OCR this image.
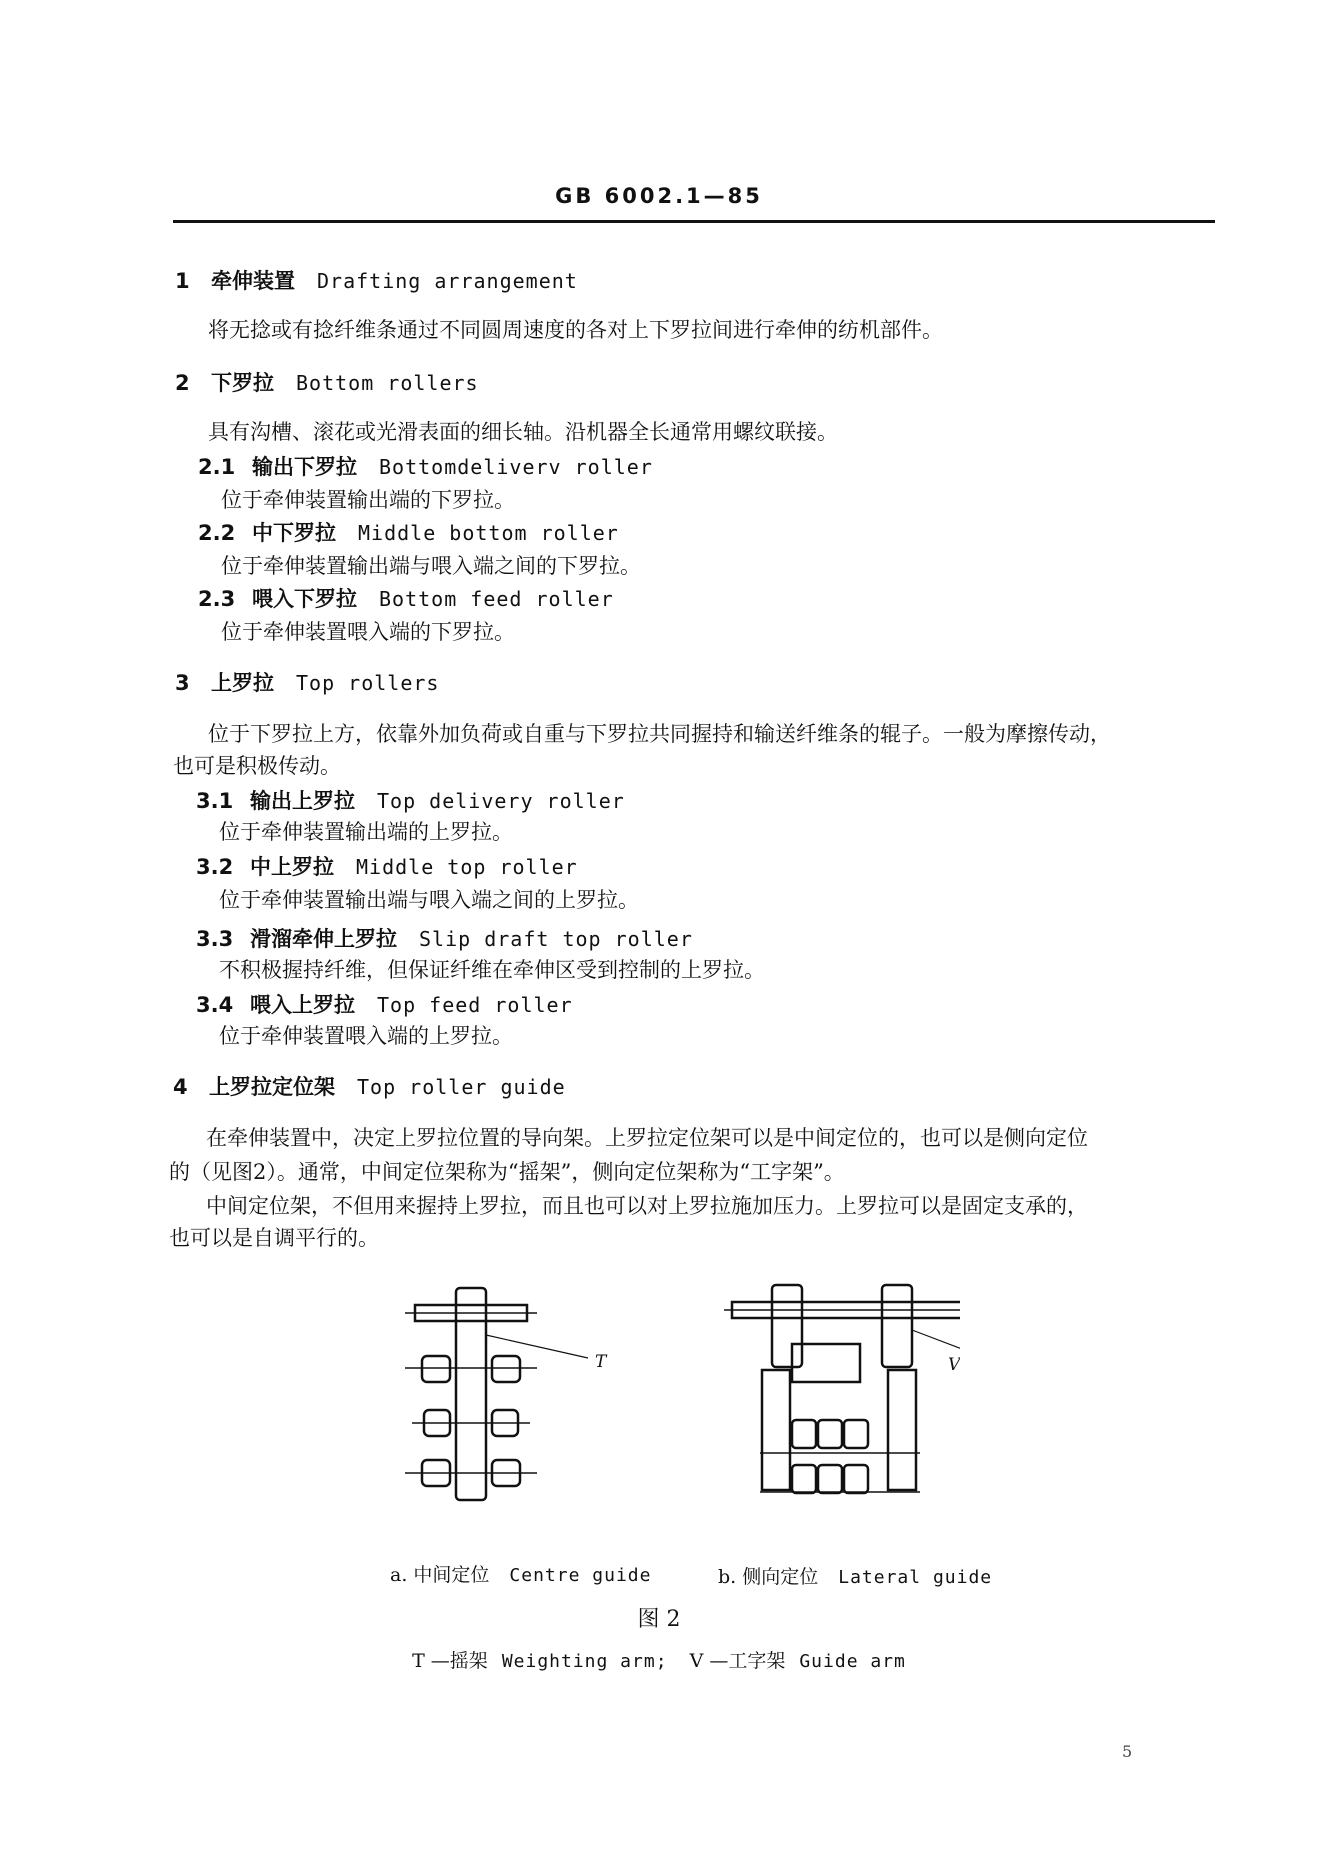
GB 6002.1—85
1 牵伸装置 Drafting arrangement
将无捻或有捻纤维条通过不同圆周速度的各对上下罗拉间进行牵伸的纺机部件。
2 下罗拉 Bottom rollers
具有沟槽、滚花或光滑表面的细长轴。沿机器全长通常用螺纹联接。
2.1 输出下罗拉 Bottomdeliverv roller
位于牵伸装置输出端的下罗拉。
2.2 中下罗拉 Middle bottom roller
位于牵伸装置输出端与喂入端之间的下罗拉。
2.3 喂入下罗拉 Bottom feed roller
位于牵伸装置喂入端的下罗拉。
3 上罗拉 Top rollers
位于下罗拉上方，依靠外加负荷或自重与下罗拉共同握持和输送纤维条的辊子。一般为摩擦传动，
也可是积极传动。
3.1 输出上罗拉 Top delivery roller
位于牵伸装置输出端的上罗拉。
3.2 中上罗拉 Middle top roller
位于牵伸装置输出端与喂入端之间的上罗拉。
3.3 滑溜牵伸上罗拉 Slip draft top roller
不积极握持纤维，但保证纤维在牵伸区受到控制的上罗拉。
3.4 喂入上罗拉 Top feed roller
位于牵伸装置喂入端的上罗拉。
4 上罗拉定位架 Top roller guide
在牵伸装置中，决定上罗拉位置的导向架。上罗拉定位架可以是中间定位的，也可以是侧向定位
的（见图2）。通常，中间定位架称为“摇架”，侧向定位架称为“工字架”。
中间定位架，不但用来握持上罗拉，而且也可以对上罗拉施加压力。上罗拉可以是固定支承的，
也可以是自调平行的。
T	V
a. 中间定位 Centre guide	b. 侧向定位 Lateral guide
图 2
T —摇架 Weighting arm; V —工字架 Guide arm
5
